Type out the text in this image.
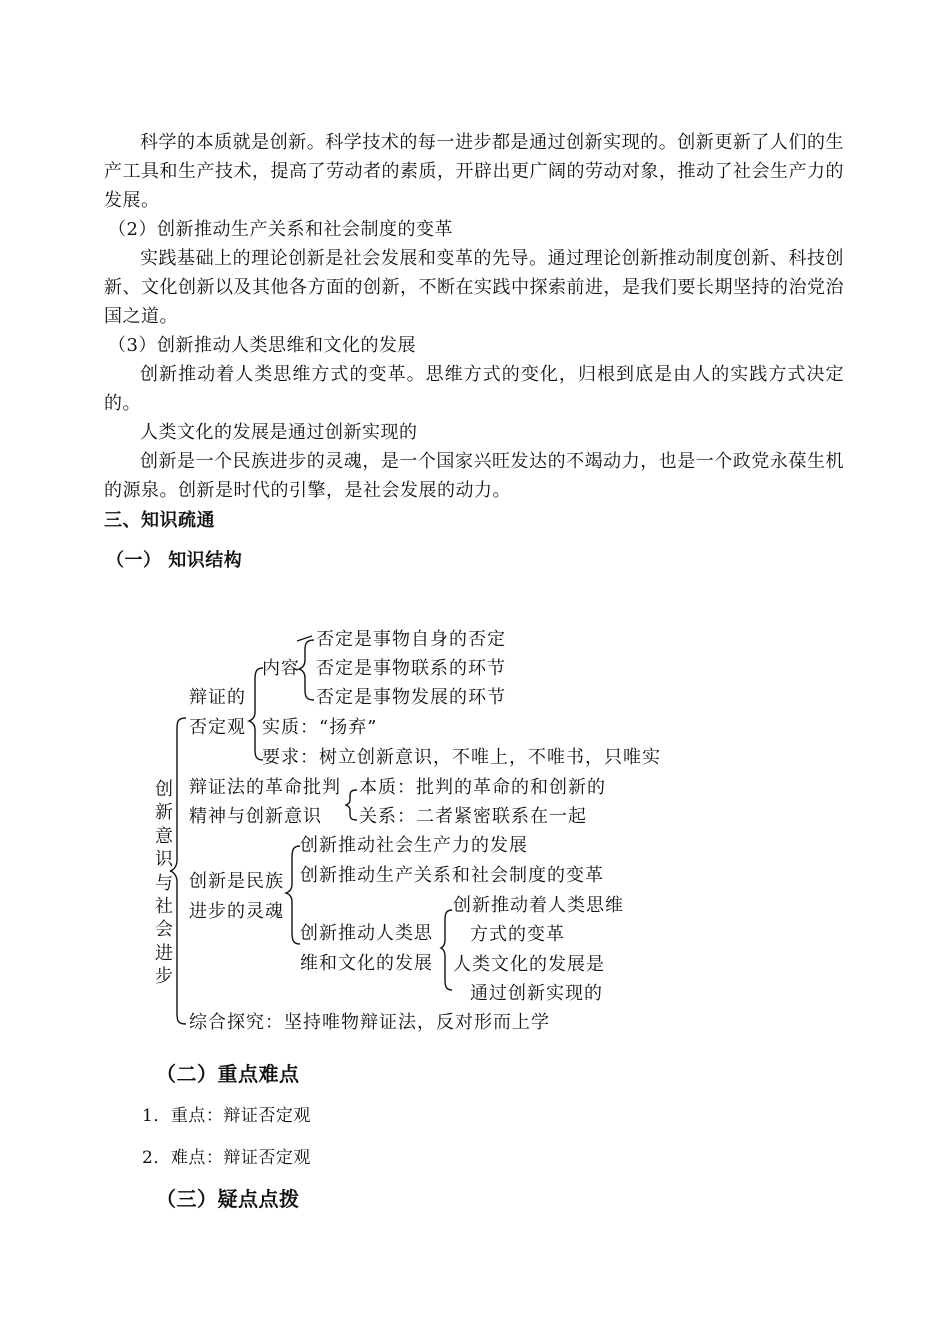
科学的本质就是创新。科学技术的每一进步都是通过创新实现的。创新更新了人们的生产工具和生产技术，提高了劳动者的素质，开辟出更广阔的劳动对象，推动了社会生产力的发展。

（2）创新推动生产关系和社会制度的变革

实践基础上的理论创新是社会发展和变革的先导。通过理论创新推动制度创新、科技创新、文化创新以及其他各方面的创新，不断在实践中探索前进，是我们要长期坚持的治党治国之道。

（3）创新推动人类思维和文化的发展

创新推动着人类思维方式的变革。思维方式的变化，归根到底是由人的实践方式决定的。

人类文化的发展是通过创新实现的

创新是一个民族进步的灵魂，是一个国家兴旺发达的不竭动力，也是一个政党永葆生机的源泉。创新是时代的引擎，是社会发展的动力。

三、知识疏通

（一） 知识结构

创新意识与社会进步
辩证的
否定观
内容
否定是事物自身的否定
否定是事物联系的环节
否定是事物发展的环节
实质：“扬弃”
要求：树立创新意识，不唯上，不唯书，只唯实
辩证法的革命批判
精神与创新意识
本质：批判的革命的和创新的
关系：二者紧密联系在一起
创新是民族
进步的灵魂
创新推动社会生产力的发展
创新推动生产关系和社会制度的变革
创新推动人类思
维和文化的发展
创新推动着人类思维
方式的变革
人类文化的发展是
通过创新实现的
综合探究：坚持唯物辩证法，反对形而上学

（二）重点难点

1．重点：辩证否定观

2．难点：辩证否定观

（三）疑点点拨
